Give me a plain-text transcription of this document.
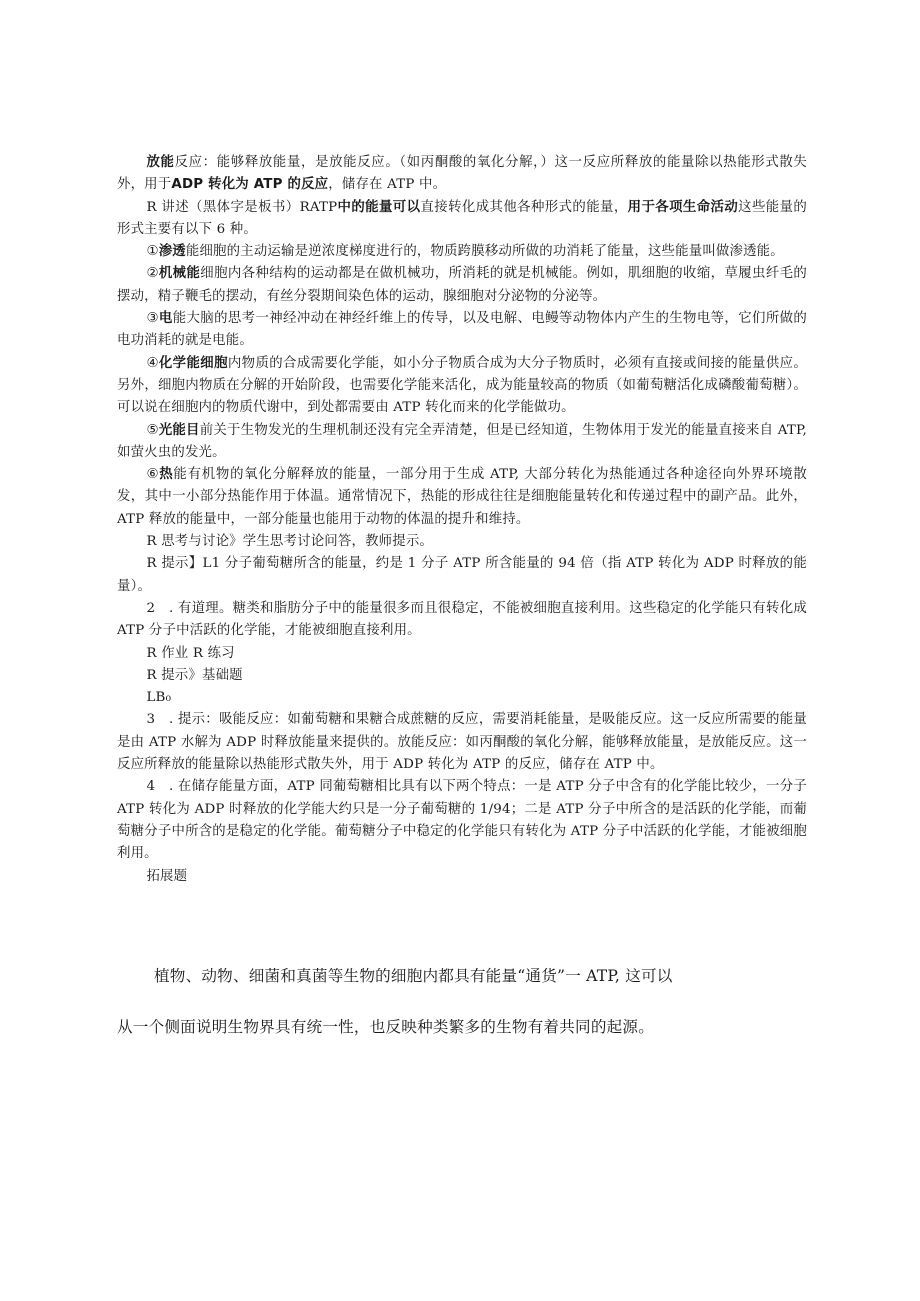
放能反应：能够释放能量，是放能反应。（如丙酮酸的氧化分解，）这一反应所释放的能量除以热能形式散失外，用于ADP 转化为 ATP 的反应，储存在 ATP 中。

R 讲述（黑体字是板书）RATP中的能量可以直接转化成其他各种形式的能量，用于各项生命活动这些能量的形式主要有以下 6 种。

①渗透能细胞的主动运输是逆浓度梯度进行的，物质跨膜移动所做的功消耗了能量，这些能量叫做渗透能。

②机械能细胞内各种结构的运动都是在做机械功，所消耗的就是机械能。例如，肌细胞的收缩，草履虫纤毛的摆动，精子鞭毛的摆动，有丝分裂期间染色体的运动，腺细胞对分泌物的分泌等。

③电能大脑的思考一神经冲动在神经纤维上的传导，以及电解、电鳗等动物体内产生的生物电等，它们所做的电功消耗的就是电能。

④化学能细胞内物质的合成需要化学能，如小分子物质合成为大分子物质时，必须有直接或间接的能量供应。另外，细胞内物质在分解的开始阶段，也需要化学能来活化，成为能量较高的物质（如葡萄糖活化成磷酸葡萄糖）。可以说在细胞内的物质代谢中，到处都需要由 ATP 转化而来的化学能做功。

⑤光能目前关于生物发光的生理机制还没有完全弄清楚，但是已经知道，生物体用于发光的能量直接来自 ATP, 如萤火虫的发光。

⑥热能有机物的氧化分解释放的能量，一部分用于生成 ATP, 大部分转化为热能通过各种途径向外界环境散发，其中一小部分热能作用于体温。通常情况下，热能的形成往往是细胞能量转化和传递过程中的副产品。此外，ATP 释放的能量中，一部分能量也能用于动物的体温的提升和维持。

R 思考与讨论》学生思考讨论问答，教师提示。

R 提示】L1 分子葡萄糖所含的能量，约是 1 分子 ATP 所含能量的 94 倍（指 ATP 转化为 ADP 时释放的能量）。

2　. 有道理。糖类和脂肪分子中的能量很多而且很稳定，不能被细胞直接利用。这些稳定的化学能只有转化成 ATP 分子中活跃的化学能，才能被细胞直接利用。

R 作业 R 练习

R 提示》基础题

LB₀

3　. 提示：吸能反应：如葡萄糖和果糖合成蔗糖的反应，需要消耗能量，是吸能反应。这一反应所需要的能量是由 ATP 水解为 ADP 时释放能量来提供的。放能反应：如丙酮酸的氧化分解，能够释放能量，是放能反应。这一反应所释放的能量除以热能形式散失外，用于 ADP 转化为 ATP 的反应，储存在 ATP 中。

4　. 在储存能量方面，ATP 同葡萄糖相比具有以下两个特点：一是 ATP 分子中含有的化学能比较少，一分子 ATP 转化为 ADP 时释放的化学能大约只是一分子葡萄糖的 1/94；二是 ATP 分子中所含的是活跃的化学能，而葡萄糖分子中所含的是稳定的化学能。葡萄糖分子中稳定的化学能只有转化为 ATP 分子中活跃的化学能，才能被细胞利用。

拓展题

植物、动物、细菌和真菌等生物的细胞内都具有能量“通货”一 ATP, 这可以

从一个侧面说明生物界具有统一性，也反映种类繁多的生物有着共同的起源。
